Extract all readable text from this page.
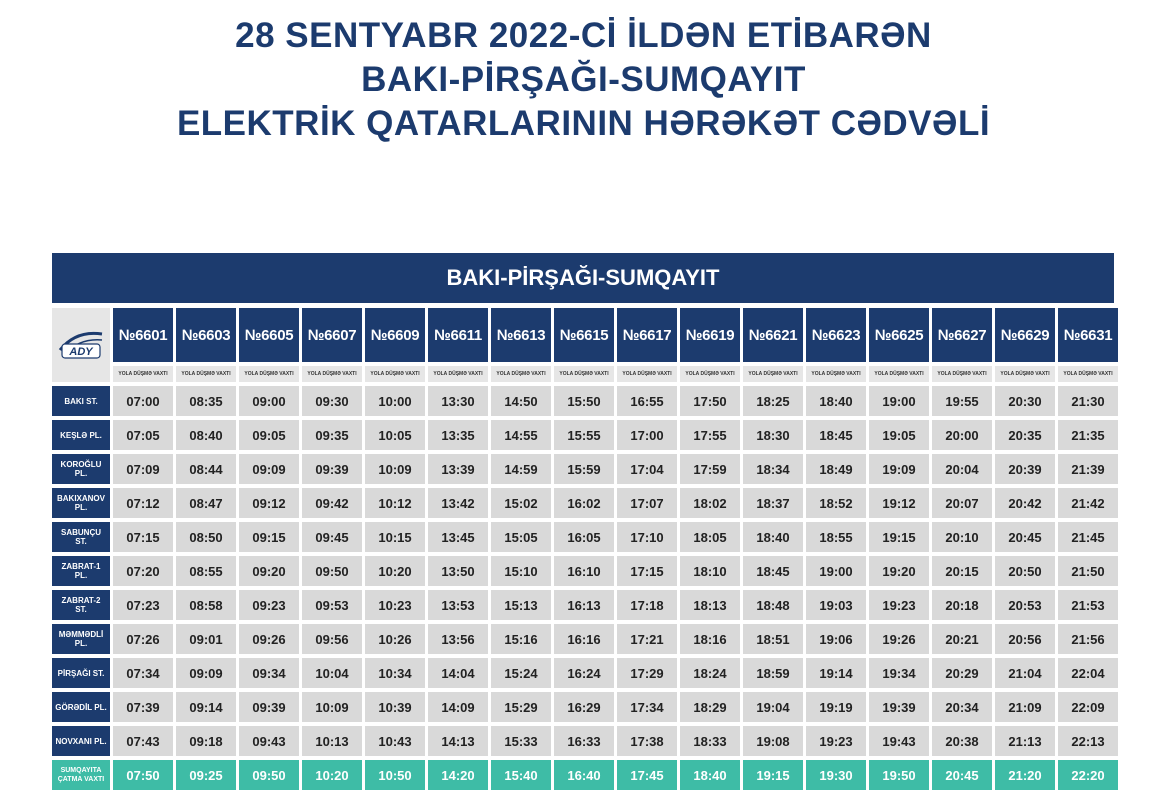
28 SENTYABR 2022-Cİ İLDƏN ETİBARƏN
BAKI-PİRŞAĞI-SUMQAYIT
ELEKTRİK QATARLARININ HƏRƏKƏT CƏDVƏLİ
BAKI-PİRŞAĞI-SUMQAYIT
ADY
№6601 №6603 №6605 №6607 №6609 №6611 №6613 №6615 №6617 №6619 №6621 №6623 №6625 №6627 №6629 №6631
YOLA DÜŞMƏ VAXTI	YOLA DÜŞMƏ VAXTI	YOLA DÜŞMƏ VAXTI	YOLA DÜŞMƏ VAXTI	YOLA DÜŞMƏ VAXTI	YOLA DÜŞMƏ VAXTI	YOLA DÜŞMƏ VAXTI	YOLA DÜŞMƏ VAXTI	YOLA DÜŞMƏ VAXTI	YOLA DÜŞMƏ VAXTI	YOLA DÜŞMƏ VAXTI	YOLA DÜŞMƏ VAXTI	YOLA DÜŞMƏ VAXTI	YOLA DÜŞMƏ VAXTI	YOLA DÜŞMƏ VAXTI	YOLA DÜŞMƏ VAXTI
BAKI ST.	07:00	08:35	09:00	09:30	10:00	13:30	14:50	15:50	16:55	17:50	18:25	18:40	19:00	19:55	20:30	21:30
KEŞLƏ PL.	07:05	08:40	09:05	09:35	10:05	13:35	14:55	15:55	17:00	17:55	18:30	18:45	19:05	20:00	20:35	21:35
KOROĞLU PL.	07:09	08:44	09:09	09:39	10:09	13:39	14:59	15:59	17:04	17:59	18:34	18:49	19:09	20:04	20:39	21:39
BAKIXANOV PL.	07:12	08:47	09:12	09:42	10:12	13:42	15:02	16:02	17:07	18:02	18:37	18:52	19:12	20:07	20:42	21:42
SABUNÇU ST.	07:15	08:50	09:15	09:45	10:15	13:45	15:05	16:05	17:10	18:05	18:40	18:55	19:15	20:10	20:45	21:45
ZABRAT-1 PL.	07:20	08:55	09:20	09:50	10:20	13:50	15:10	16:10	17:15	18:10	18:45	19:00	19:20	20:15	20:50	21:50
ZABRAT-2 ST.	07:23	08:58	09:23	09:53	10:23	13:53	15:13	16:13	17:18	18:13	18:48	19:03	19:23	20:18	20:53	21:53
MƏMMƏDLİ PL.	07:26	09:01	09:26	09:56	10:26	13:56	15:16	16:16	17:21	18:16	18:51	19:06	19:26	20:21	20:56	21:56
PİRŞAĞI ST.	07:34	09:09	09:34	10:04	10:34	14:04	15:24	16:24	17:29	18:24	18:59	19:14	19:34	20:29	21:04	22:04
GÖRƏDİL PL.	07:39	09:14	09:39	10:09	10:39	14:09	15:29	16:29	17:34	18:29	19:04	19:19	19:39	20:34	21:09	22:09
NOVXANI PL.	07:43	09:18	09:43	10:13	10:43	14:13	15:33	16:33	17:38	18:33	19:08	19:23	19:43	20:38	21:13	22:13
SUMQAYITA ÇATMA VAXTI	07:50	09:25	09:50	10:20	10:50	14:20	15:40	16:40	17:45	18:40	19:15	19:30	19:50	20:45	21:20	22:20
